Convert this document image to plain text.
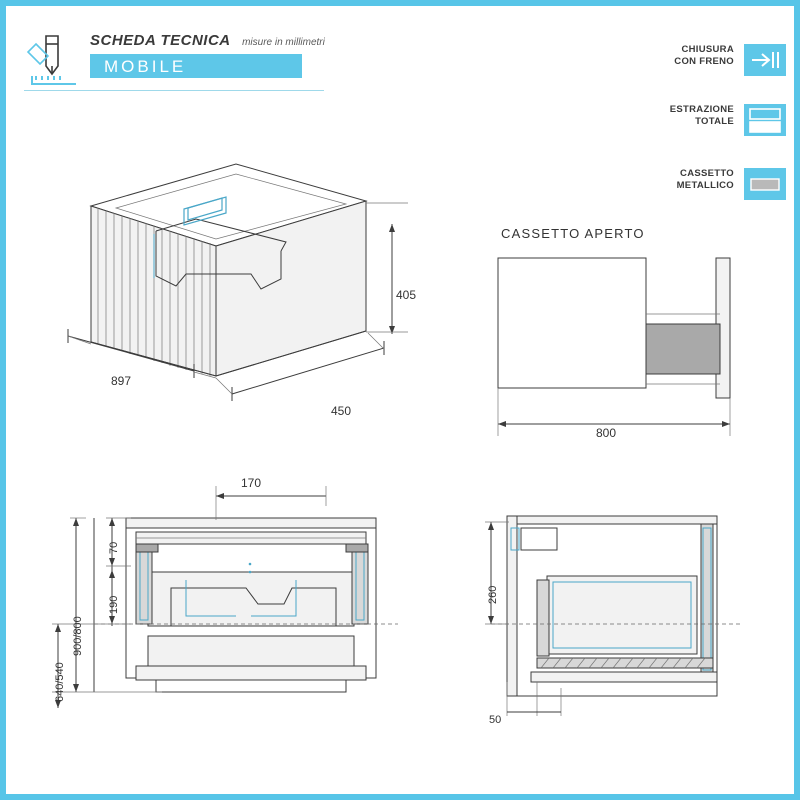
SCHEDA TECNICA misure in millimetri
MOBILE
CHIUSURA
CON FRENO
ESTRAZIONE
TOTALE
CASSETTO
METALLICO
897
450
405
CASSETTO APERTO
800
170
70
190
900/800
640/540
260
50
